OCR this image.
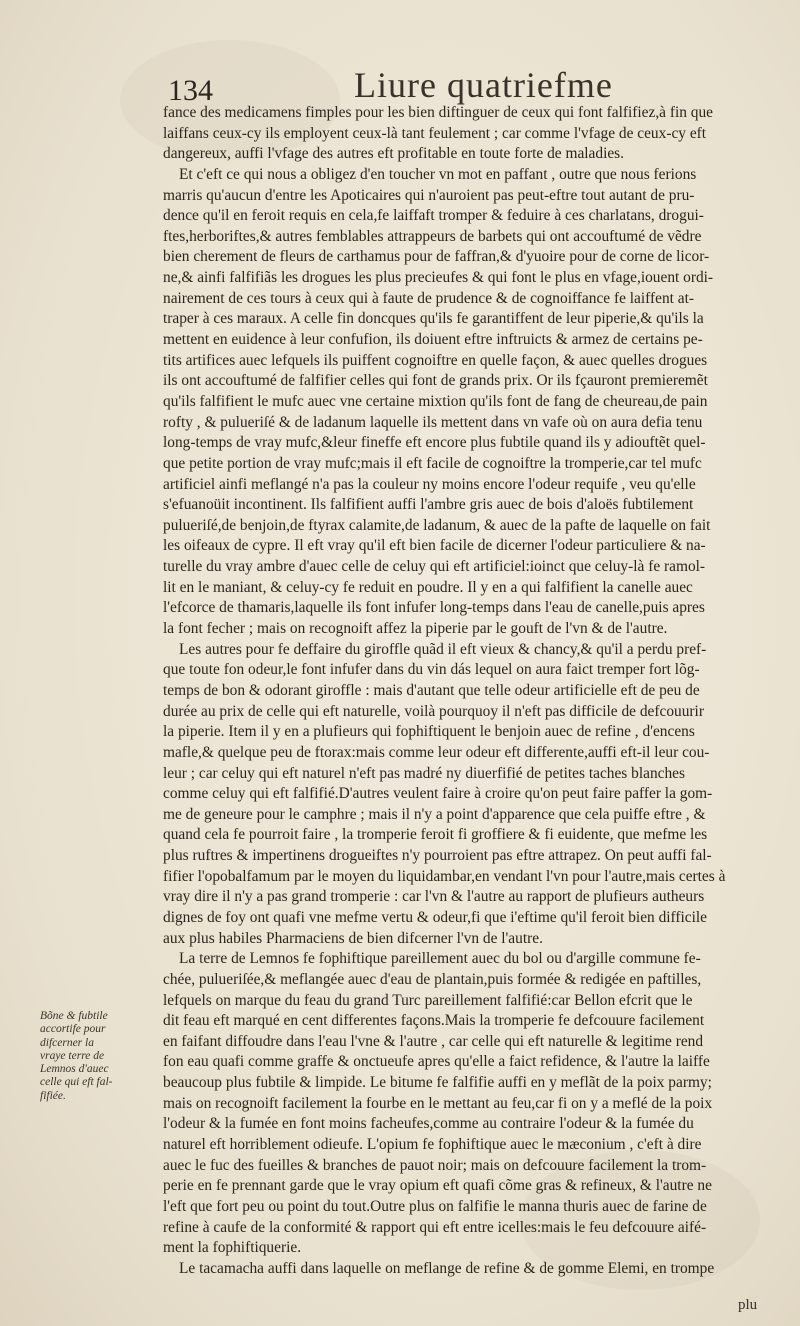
134	Liure quatriefme
fance des medicamens fimples pour les bien diftinguer de ceux qui font falfifiez,à fin que
laiffans ceux-cy ils employent ceux-là tant feulement ; car comme l'vfage de ceux-cy eft
dangereux, auffi l'vfage des autres eft profitable en toute forte de maladies.
Et c'eft ce qui nous a obligez d'en toucher vn mot en paffant , outre que nous ferions
marris qu'aucun d'entre les Apoticaires qui n'auroient pas peut-eftre tout autant de pru-
dence qu'il en feroit requis en cela,fe laiffaft tromper & feduire à ces charlatans, drogui-
ftes,herboriftes,& autres femblables attrappeurs de barbets qui ont accouftumé de vẽdre
bien cherement de fleurs de carthamus pour de faffran,& d'yuoire pour de corne de licor-
ne,& ainfi falfifiãs les drogues les plus precieufes & qui font le plus en vfage,iouent ordi-
nairement de ces tours à ceux qui à faute de prudence & de cognoiffance fe laiffent at-
traper à ces maraux. A celle fin doncques qu'ils fe garantiffent de leur piperie,& qu'ils la
mettent en euidence à leur confufion, ils doiuent eftre inftruicts & armez de certains pe-
tits artifices auec lefquels ils puiffent cognoiftre en quelle façon, & auec quelles drogues
ils ont accouftumé de falfifier celles qui font de grands prix. Or ils fçauront premieremẽt
qu'ils falfifient le mufc auec vne certaine mixtion qu'ils font de fang de cheureau,de pain
rofty , & pulueriſé & de ladanum laquelle ils mettent dans vn vafe où on aura defia tenu
long-temps de vray mufc,&leur fineffe eft encore plus fubtile quand ils y adiouftẽt quel-
que petite portion de vray mufc;mais il eft facile de cognoiftre la tromperie,car tel mufc
artificiel ainfi meflangé n'a pas la couleur ny moins encore l'odeur requife , veu qu'elle
s'efuanoüit incontinent. Ils falfifient auffi l'ambre gris auec de bois d'aloës fubtilement
pulueriſé,de benjoin,de ftyrax calamite,de ladanum, & auec de la pafte de laquelle on fait
les oifeaux de cypre. Il eft vray qu'il eft bien facile de dicerner l'odeur particuliere & na-
turelle du vray ambre d'auec celle de celuy qui eft artificiel:ioinct que celuy-là fe ramol-
lit en le maniant, & celuy-cy fe reduit en poudre. Il y en a qui falfifient la canelle auec
l'efcorce de thamaris,laquelle ils font infufer long-temps dans l'eau de canelle,puis apres
la font fecher ; mais on recognoift affez la piperie par le gouft de l'vn & de l'autre.
Les autres pour fe deffaire du giroffle quãd il eft vieux & chancy,& qu'il a perdu pref-
que toute fon odeur,le font infufer dans du vin dás lequel on aura faict tremper fort lõg-
temps de bon & odorant giroffle : mais d'autant que telle odeur artificielle eft de peu de
durée au prix de celle qui eft naturelle, voilà pourquoy il n'eft pas difficile de defcouurir
la piperie. Item il y en a plufieurs qui fophiftiquent le benjoin auec de refine , d'encens
mafle,& quelque peu de ftorax:mais comme leur odeur eft differente,auffi eft-il leur cou-
leur ; car celuy qui eft naturel n'eft pas madré ny diuerfifié de petites taches blanches
comme celuy qui eft falfifié.D'autres veulent faire à croire qu'on peut faire paffer la gom-
me de geneure pour le camphre ; mais il n'y a point d'apparence que cela puiffe eftre , &
quand cela fe pourroit faire , la tromperie feroit fi groffiere & fi euidente, que mefme les
plus ruftres & impertinens drogueiftes n'y pourroient pas eftre attrapez. On peut auffi fal-
fifier l'opobalfamum par le moyen du liquidambar,en vendant l'vn pour l'autre,mais certes à
vray dire il n'y a pas grand tromperie : car l'vn & l'autre au rapport de plufieurs autheurs
dignes de foy ont quafi vne mefme vertu & odeur,fi que i'eftime qu'il feroit bien difficile
aux plus habiles Pharmaciens de bien difcerner l'vn de l'autre.
La terre de Lemnos fe fophiftique pareillement auec du bol ou d'argille commune fe-
chée, pulueriſée,& meflangée auec d'eau de plantain,puis formée & redigée en paftilles,
lefquels on marque du feau du grand Turc pareillement falfifié:car Bellon efcrit que le
dit feau eft marqué en cent differentes façons.Mais la tromperie fe defcouure facilement
en faifant diffoudre dans l'eau l'vne & l'autre , car celle qui eft naturelle & legitime rend
fon eau quafi comme graffe & onctueufe apres qu'elle a faict refidence, & l'autre la laiffe
beaucoup plus fubtile & limpide. Le bitume fe falfifie auffi en y meflãt de la poix parmy;
mais on recognoift facilement la fourbe en le mettant au feu,car fi on y a meflé de la poix
l'odeur & la fumée en font moins facheufes,comme au contraire l'odeur & la fumée du
naturel eft horriblement odieufe. L'opium fe fophiftique auec le mæconium , c'eft à dire
auec le fuc des fueilles & branches de pauot noir; mais on defcouure facilement la trom-
perie en fe prennant garde que le vray opium eft quafi cõme gras & refineux, & l'autre ne
l'eft que fort peu ou point du tout.Outre plus on falfifie le manna thuris auec de farine de
refine à caufe de la conformité & rapport qui eft entre icelles:mais le feu defcouure aifé-
ment la fophiftiquerie.
Le tacamacha auffi dans laquelle on meflange de refine & de gomme Elemi, en trompe
Bõne & fubtile
accortife pour
difcerner la
vraye terre de
Lemnos d'auec
celle qui eft fal-
fifiée.
plu
